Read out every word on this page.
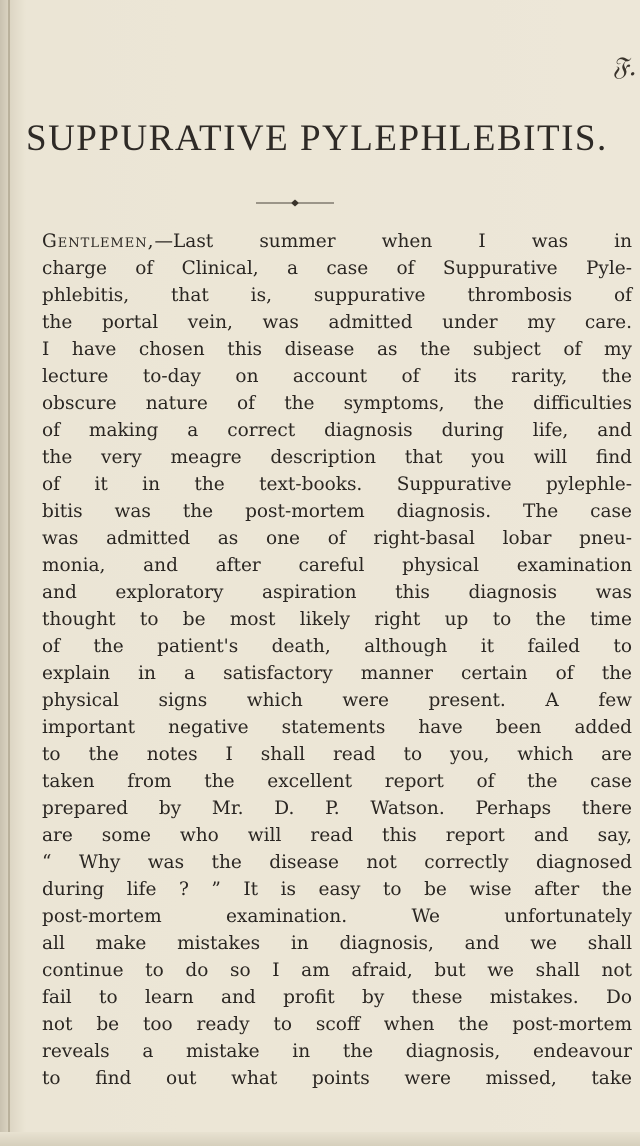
𝔉.
SUPPURATIVE PYLEPHLEBITIS.
Gentlemen,—Last summer when I was in
charge of Clinical, a case of Suppurative Pyle-
phlebitis, that is, suppurative thrombosis of
the portal vein, was admitted under my care.
I have chosen this disease as the subject of my
lecture to-day on account of its rarity, the
obscure nature of the symptoms, the difficulties
of making a correct diagnosis during life, and
the very meagre description that you will find
of it in the text-books. Suppurative pylephle-
bitis was the post-mortem diagnosis. The case
was admitted as one of right-basal lobar pneu-
monia, and after careful physical examination
and exploratory aspiration this diagnosis was
thought to be most likely right up to the time
of the patient's death, although it failed to
explain in a satisfactory manner certain of the
physical signs which were present. A few
important negative statements have been added
to the notes I shall read to you, which are
taken from the excellent report of the case
prepared by Mr. D. P. Watson. Perhaps there
are some who will read this report and say,
“ Why was the disease not correctly diagnosed
during life ? ” It is easy to be wise after the
post-mortem examination. We unfortunately
all make mistakes in diagnosis, and we shall
continue to do so I am afraid, but we shall not
fail to learn and profit by these mistakes. Do
not be too ready to scoff when the post-mortem
reveals a mistake in the diagnosis, endeavour
to find out what points were missed, take
